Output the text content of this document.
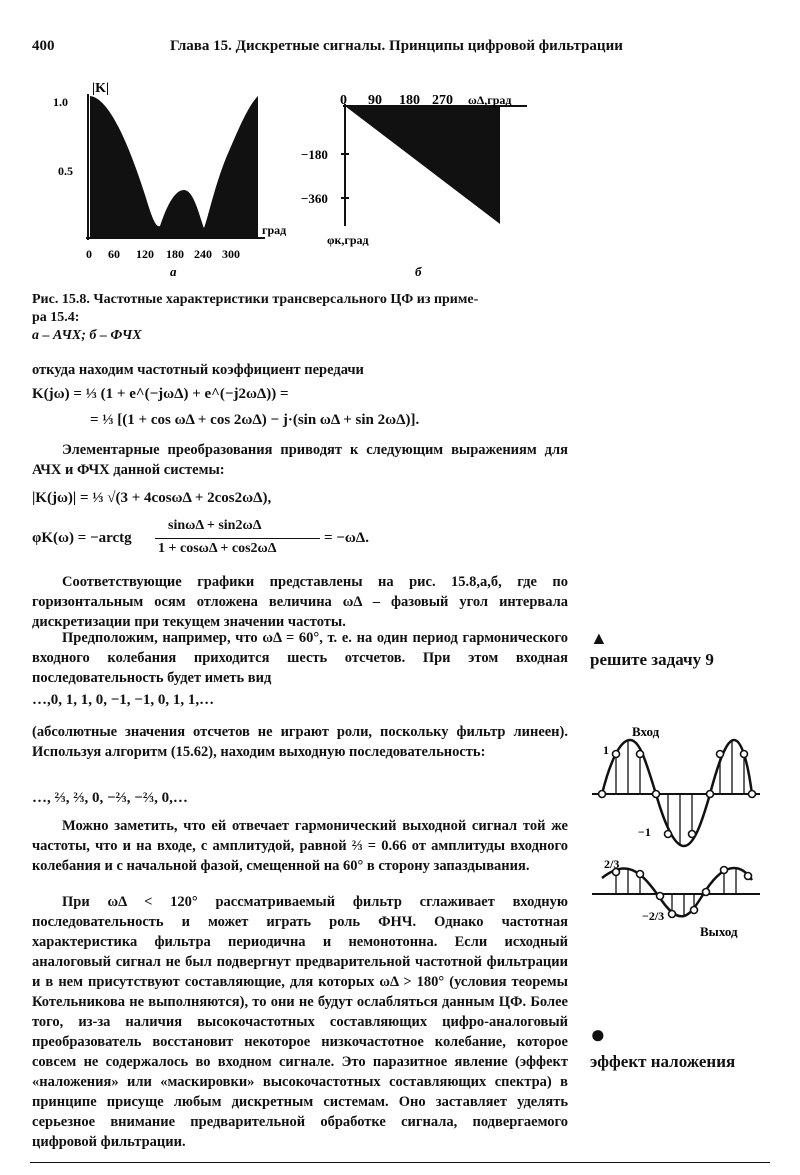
400	Глава 15. Дискретные сигналы. Принципы цифровой фильтрации
|K|
1.0
0.5
град
0 60 120 180 240 300
а
0 90 180 270 ωΔ,град
−180
−360
φк,град
б
Рис. 15.8. Частотные характеристики трансверсального ЦФ из приме-
ра 15.4:
а – АЧХ; б – ФЧХ
откуда находим частотный коэффициент передачи
K(jω) = ⅓ (1 + e^(−jωΔ) + e^(−j2ωΔ)) =
= ⅓ [(1 + cos ωΔ + cos 2ωΔ) − j·(sin ωΔ + sin 2ωΔ)].
Элементарные преобразования приводят к следующим выражениям для АЧХ и ФЧХ данной системы:
|K(jω)| = ⅓ √(3 + 4cosωΔ + 2cos2ωΔ),
φK(ω) = −arctg
sinωΔ + sin2ωΔ
1 + cosωΔ + cos2ωΔ
= −ωΔ.
Соответствующие графики представлены на рис. 15.8,а,б, где по горизонтальным осям отложена величина ωΔ – фазовый угол интервала дискретизации при текущем значении частоты.
Предположим, например, что ωΔ = 60°, т. е. на один период гармонического входного колебания приходится шесть отсчетов. При этом входная последовательность будет иметь вид
…,0, 1, 1, 0, −1, −1, 0, 1, 1,…
(абсолютные значения отсчетов не играют роли, поскольку фильтр линеен). Используя алгоритм (15.62), находим выходную последовательность:
…, ⅔, ⅔, 0, −⅔, −⅔, 0,…
Можно заметить, что ей отвечает гармонический выходной сигнал той же частоты, что и на входе, с амплитудой, равной ⅔ = 0.66 от амплитуды входного колебания и с начальной фазой, смещенной на 60° в сторону запаздывания.
При ωΔ < 120° рассматриваемый фильтр сглаживает входную последовательность и может играть роль ФНЧ. Однако частотная характеристика фильтра периодична и немонотонна. Если исходный аналоговый сигнал не был подвергнут предварительной частотной фильтрации и в нем присутствуют составляющие, для которых ωΔ > 180° (условия теоремы Котельникова не выполняются), то они не будут ослабляться данным ЦФ. Более того, из-за наличия высокочастотных составляющих цифро-аналоговый преобразователь восстановит некоторое низкочастотное колебание, которое совсем не содержалось во входном сигнале. Это паразитное явление (эффект «наложения» или «маскировки» высокочастотных составляющих спектра) в принципе присуще любым дискретным системам. Оно заставляет уделять серьезное внимание предварительной обработке сигнала, подвергаемого цифровой фильтрации.
▲
решите задачу 9
Вход
1
−1
2/3
−2/3
Выход
●
эффект наложения
